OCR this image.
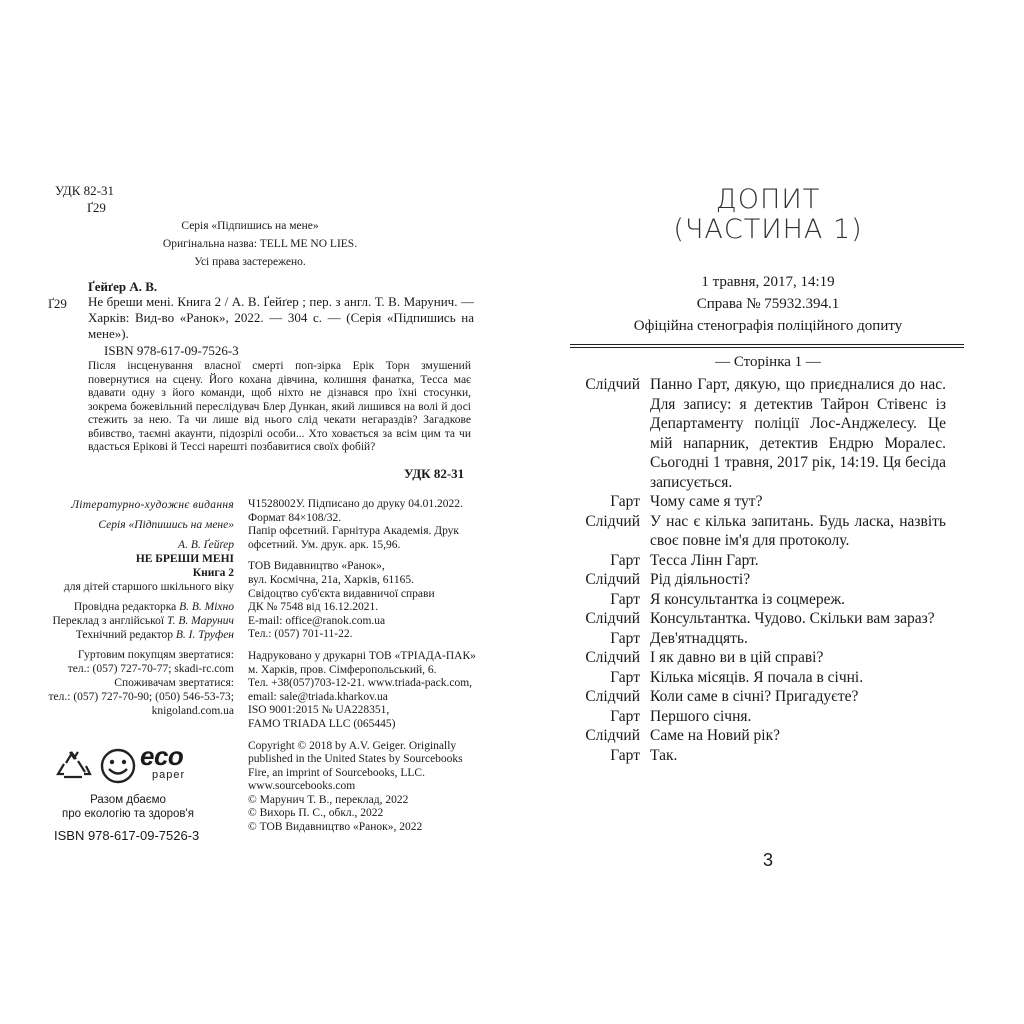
УДК 82-31
Ґ29
Серія «Підпишись на мене»
Оригінальна назва: TELL ME NO LIES.
Усі права застережено.
Ґейґер А. В.
Ґ29 Не бреши мені. Книга 2 / А. В. Ґейґер ; пер. з англ. Т. В. Марунич. — Харків: Вид-во «Ранок», 2022. — 304 с. — (Серія «Підпишись на мене»).
ISBN 978-617-09-7526-3
Після інсценування власної смерті поп-зірка Ерік Торн змушений повернутися на сцену. Його кохана дівчина, колишня фанатка, Тесса має вдавати одну з його команди, щоб ніхто не дізнався про їхні стосунки, зокрема божевільний переслідувач Блер Дункан, який лишився на волі й досі стежить за нею. Та чи лише від нього слід чекати негараздів? Загадкове вбивство, таємні акаунти, підозрілі особи... Хто ховається за всім цим та чи вдасться Ерікові й Тессі нарешті позбавитися своїх фобій?
УДК 82-31
Літературно-художнє видання
Серія «Підпишись на мене»
А. В. Ґейґер
НЕ БРЕШИ МЕНІ
Книга 2
для дітей старшого шкільного віку
Провідна редакторка В. В. Міхно
Переклад з англійської Т. В. Марунич
Технічний редактор В. І. Труфен
Гуртовим покупцям звертатися:
тел.: (057) 727-70-77; skadi-rc.com
Споживачам звертатися:
тел.: (057) 727-70-90; (050) 546-53-73;
knigoland.com.ua
eco
paper
Разом дбаємо
про екологію та здоров'я
ISBN 978-617-09-7526-3
Ч1528002У. Підписано до друку 04.01.2022.
Формат 84×108/32.
Папір офсетний. Гарнітура Академія. Друк
офсетний. Ум. друк. арк. 15,96.
ТОВ Видавництво «Ранок»,
вул. Космічна, 21а, Харків, 61165.
Свідоцтво суб'єкта видавничої справи
ДК № 7548 від 16.12.2021.
E-mail: office@ranok.com.ua
Тел.: (057) 701-11-22.
Надруковано у друкарні ТОВ «ТРІАДА-ПАК»
м. Харків, пров. Сімферопольський, 6.
Тел. +38(057)703-12-21. www.triada-pack.com,
email: sale@triada.kharkov.ua
ISO 9001:2015 № UA228351,
FAMO TRIADA LLC (065445)
Copyright © 2018 by A.V. Geiger. Originally
published in the United States by Sourcebooks
Fire, an imprint of Sourcebooks, LLC.
www.sourcebooks.com
© Марунич Т. В., переклад, 2022
© Вихорь П. С., обкл., 2022
© ТОВ Видавництво «Ранок», 2022
ДОПИТ
(ЧАСТИНА 1)
1 травня, 2017, 14:19
Справа № 75932.394.1
Офіційна стенографія поліційного допиту
— Сторінка 1 —
Слідчий Панно Гарт, дякую, що приєдналися до нас. Для запису: я детектив Тайрон Стівенс із Департаменту поліції Лос-Анджелесу. Це мій напарник, детектив Ендрю Моралес. Сьогодні 1 травня, 2017 рік, 14:19. Ця бесіда записується.
Гарт Чому саме я тут?
Слідчий У нас є кілька запитань. Будь ласка, назвіть своє повне ім'я для протоколу.
Гарт Тесса Лінн Гарт.
Слідчий Рід діяльності?
Гарт Я консультантка із соцмереж.
Слідчий Консультантка. Чудово. Скільки вам зараз?
Гарт Дев'ятнадцять.
Слідчий І як давно ви в цій справі?
Гарт Кілька місяців. Я почала в січні.
Слідчий Коли саме в січні? Пригадуєте?
Гарт Першого січня.
Слідчий Саме на Новий рік?
Гарт Так.
3
